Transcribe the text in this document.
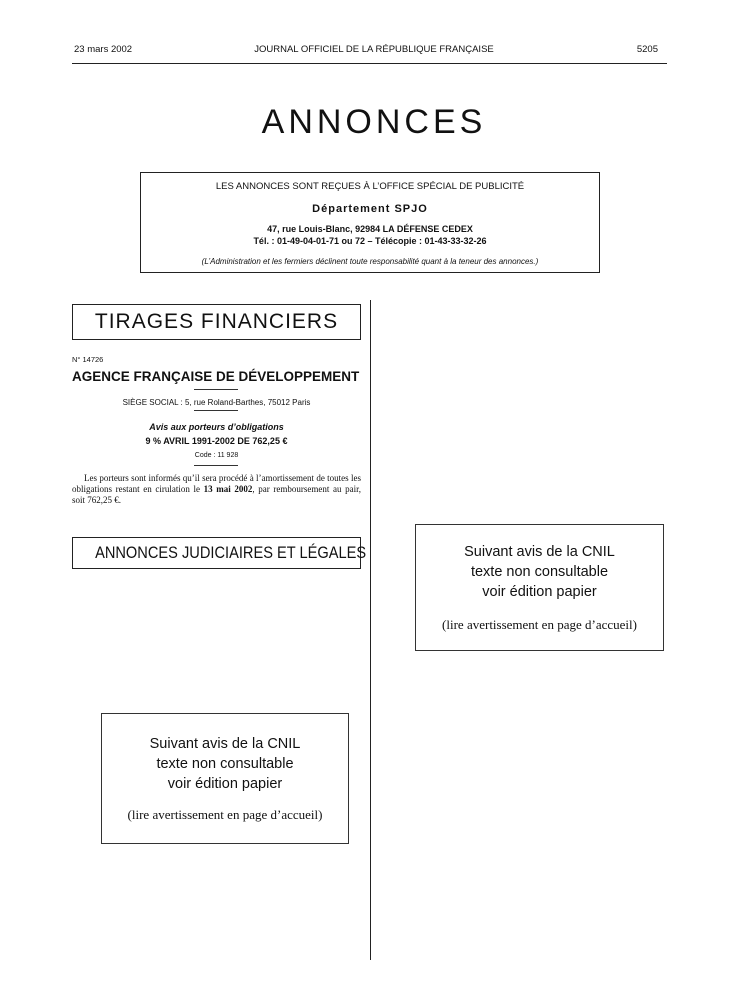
23 mars 2002	JOURNAL OFFICIEL DE LA RÉPUBLIQUE FRANÇAISE	5205
ANNONCES
LES ANNONCES SONT REÇUES À L’OFFICE SPÉCIAL DE PUBLICITÉ
Département SPJO
47, rue Louis-Blanc, 92984 LA DÉFENSE CEDEX
Tél. : 01-49-04-01-71 ou 72 – Télécopie : 01-43-33-32-26
(L’Administration et les fermiers déclinent toute responsabilité quant à la teneur des annonces.)
TIRAGES FINANCIERS
N° 14726
AGENCE FRANÇAISE DE DÉVELOPPEMENT
SIÈGE SOCIAL : 5, rue Roland-Barthes, 75012 Paris
Avis aux porteurs d’obligations
9 % AVRIL 1991-2002 DE 762,25 €
Code : 11 928
Les porteurs sont informés qu’il sera procédé à l’amortissement de toutes les obligations restant en cirulation le 13 mai 2002, par remboursement au pair, soit 762,25 €.
ANNONCES JUDICIAIRES ET LÉGALES	Suivant avis de la CNIL
texte non consultable
voir édition papier
(lire avertissement en page d’accueil)
Suivant avis de la CNIL
texte non consultable
voir édition papier
(lire avertissement en page d’accueil)
